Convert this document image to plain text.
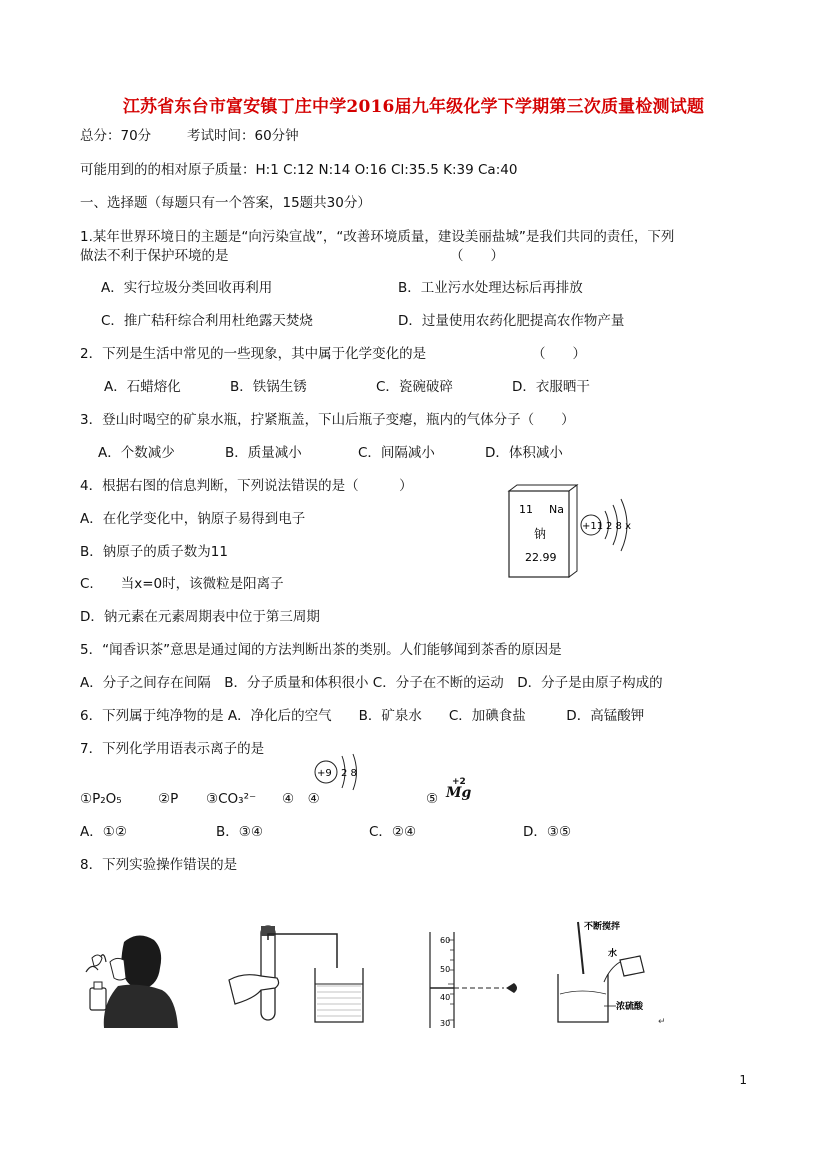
江苏省东台市富安镇丁庄中学2016届九年级化学下学期第三次质量检测试题
总分：70分	考试时间：60分钟
可能用到的的相对原子质量：H:1 C:12 N:14 O:16 Cl:35.5 K:39 Ca:40
一、选择题（每题只有一个答案，15题共30分）
1.某年世界环境日的主题是“向污染宣战”，“改善环境质量，建设美丽盐城”是我们共同的责任，下列
做法不利于保护环境的是	（　　）
A．实行垃圾分类回收再利用	B．工业污水处理达标后再排放
C．推广秸秆综合利用杜绝露天焚烧	D．过量使用农药化肥提高农作物产量
2．下列是生活中常见的一些现象，其中属于化学变化的是	（　　）
A．石蜡熔化	B．铁锅生锈	C．瓷碗破碎	D．衣服晒干
3．登山时喝空的矿泉水瓶，拧紧瓶盖，下山后瓶子变瘪，瓶内的气体分子（　　）
A．个数减少	B．质量减小	C．间隔减小	D．体积减小
4．根据右图的信息判断，下列说法错误的是（　　　）
A．在化学变化中，钠原子易得到电子
B．钠原子的质子数为11
C.　　当x=0时，该微粒是阳离子
D．钠元素在元素周期表中位于第三周期
11 Na
钠
22.99
+11 2 8 x
5．“闻香识茶”意思是通过闻的方法判断出茶的类别。人们能够闻到茶香的原因是
A．分子之间存在间隔　B．分子质量和体积很小 C．分子在不断的运动　D．分子是由原子构成的
6．下列属于纯净物的是 A．净化后的空气　　B．矿泉水　　C．加碘食盐　　　D．高锰酸钾
7．下列化学用语表示离子的是
①P₂O₅	②P ③CO₃²⁻ ④　④
+9 2 8
⑤
+2
Mg
A．①②	B．③④	C．②④	D．③⑤
8．下列实验操作错误的是
60
50
40
30
不断搅拌
水
浓硫酸
↵
1
